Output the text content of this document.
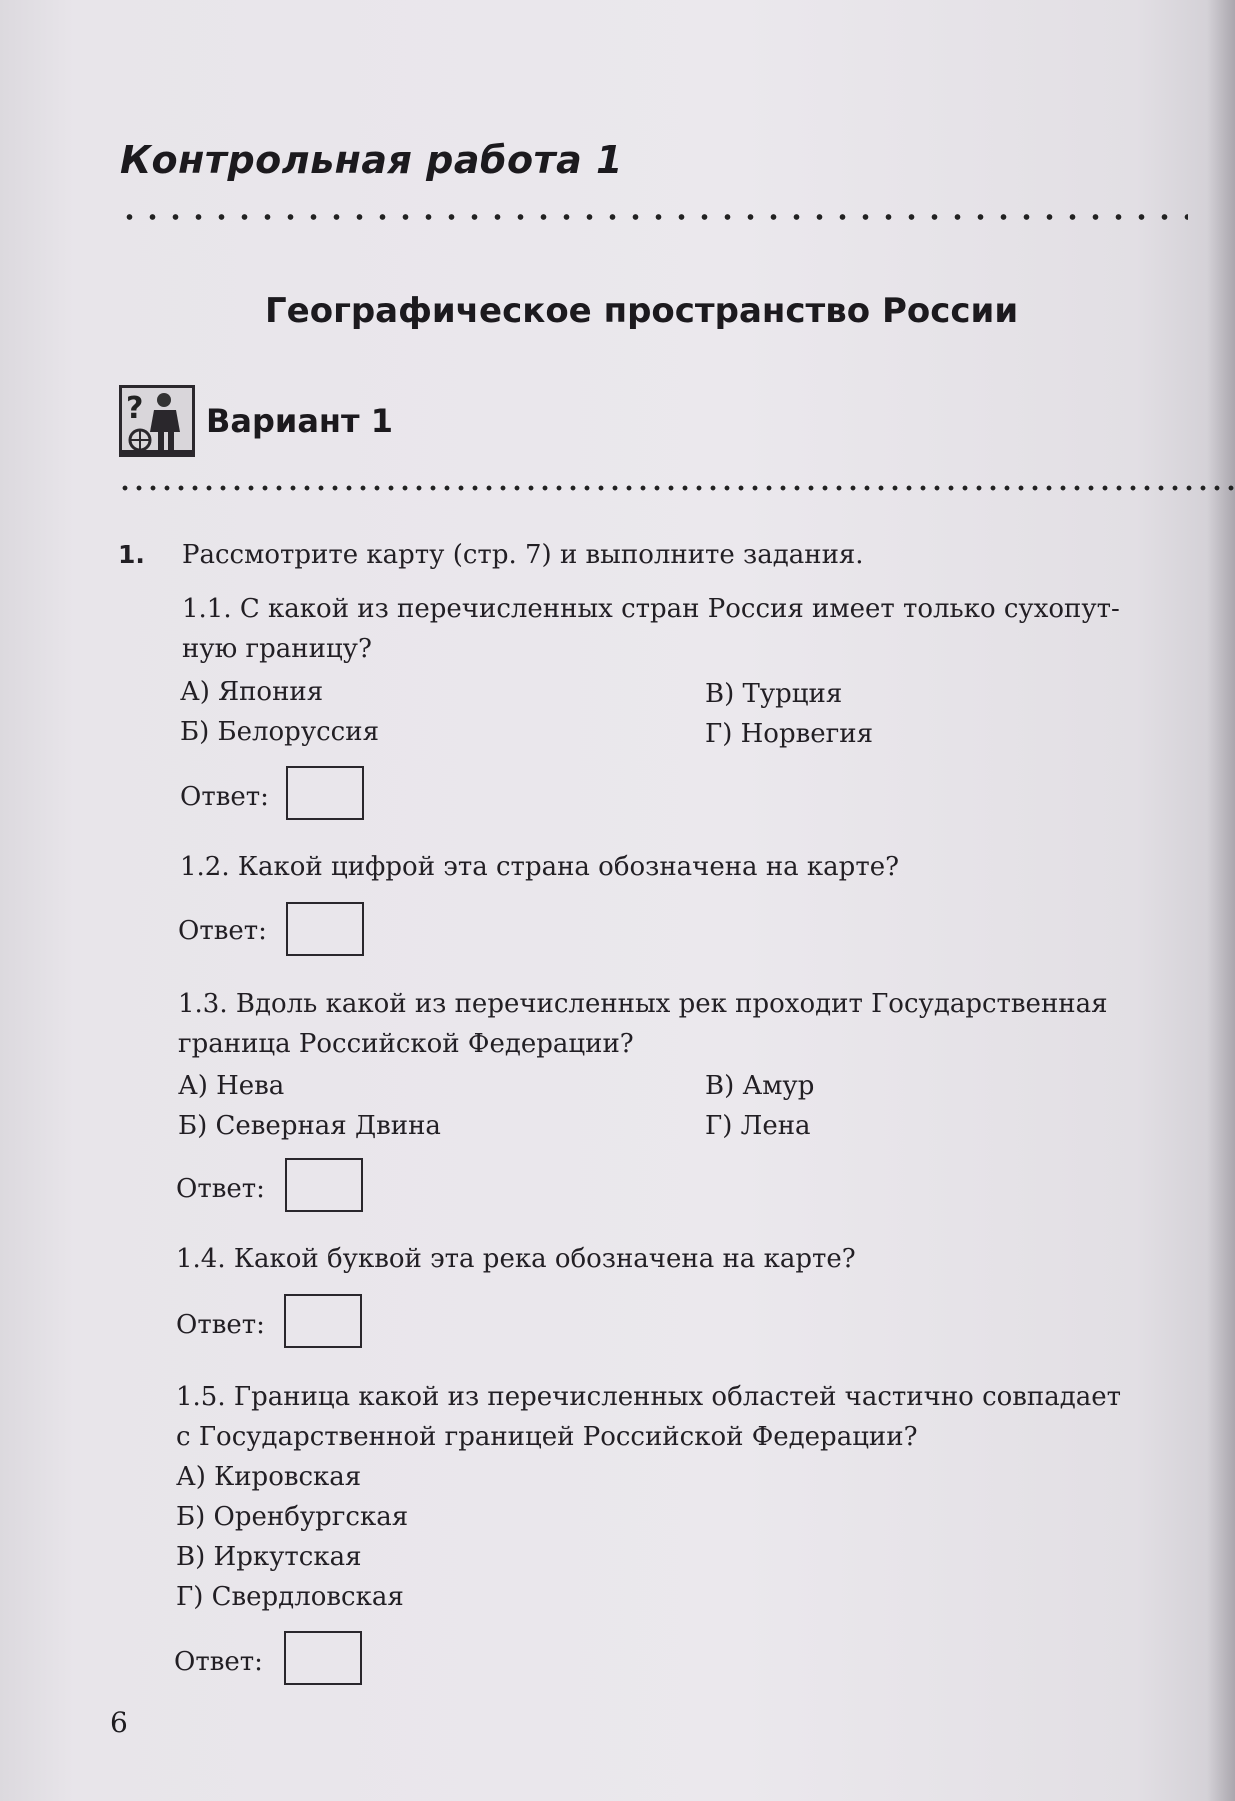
Контрольная работа 1
Географическое пространство России
? Вариант 1
1. Рассмотрите карту (стр. 7) и выполните задания.
1.1. С какой из перечисленных стран Россия имеет только сухопут-
ную границу?
А) Япония
Б) Белоруссия
В) Турция
Г) Норвегия
Ответ:
1.2. Какой цифрой эта страна обозначена на карте?
Ответ:
1.3. Вдоль какой из перечисленных рек проходит Государственная
граница Российской Федерации?
А) Нева
Б) Северная Двина
В) Амур
Г) Лена
Ответ:
1.4. Какой буквой эта река обозначена на карте?
Ответ:
1.5. Граница какой из перечисленных областей частично совпадает
с Государственной границей Российской Федерации?
А) Кировская
Б) Оренбургская
В) Иркутская
Г) Свердловская
Ответ:
6
